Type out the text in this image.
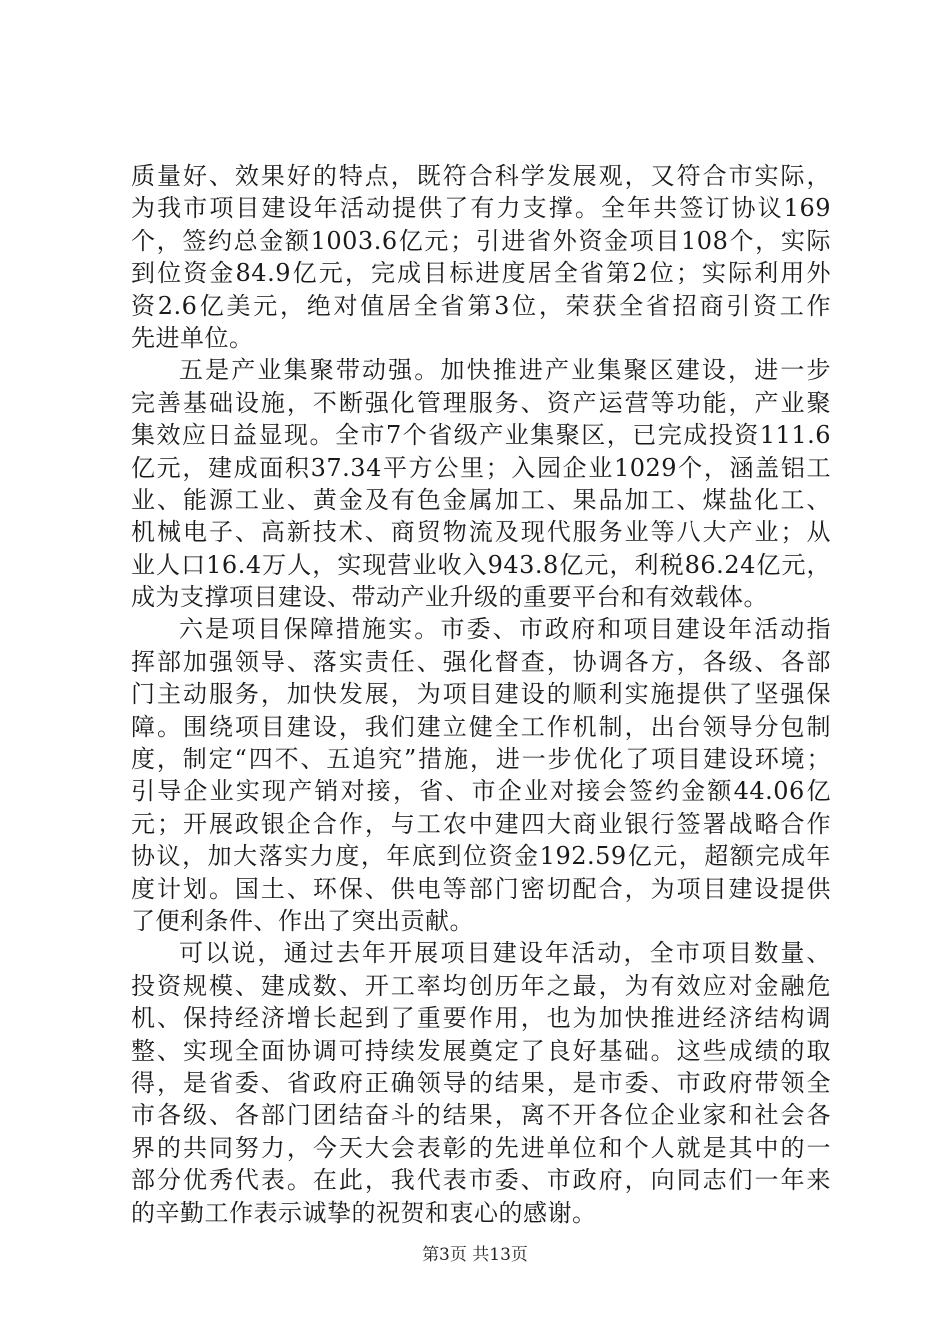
质量好、效果好的特点，既符合科学发展观，又符合市实际，
为我市项目建设年活动提供了有力支撑。全年共签订协议169
个，签约总金额1003.6亿元；引进省外资金项目108个，实际
到位资金84.9亿元，完成目标进度居全省第2位；实际利用外
资2.6亿美元，绝对值居全省第3位，荣获全省招商引资工作
先进单位。
五是产业集聚带动强。加快推进产业集聚区建设，进一步
完善基础设施，不断强化管理服务、资产运营等功能，产业聚
集效应日益显现。全市7个省级产业集聚区，已完成投资111.6
亿元，建成面积37.34平方公里；入园企业1029个，涵盖铝工
业、能源工业、黄金及有色金属加工、果品加工、煤盐化工、
机械电子、高新技术、商贸物流及现代服务业等八大产业；从
业人口16.4万人，实现营业收入943.8亿元，利税86.24亿元，
成为支撑项目建设、带动产业升级的重要平台和有效载体。
六是项目保障措施实。市委、市政府和项目建设年活动指
挥部加强领导、落实责任、强化督查，协调各方，各级、各部
门主动服务，加快发展，为项目建设的顺利实施提供了坚强保
障。围绕项目建设，我们建立健全工作机制，出台领导分包制
度，制定“四不、五追究”措施，进一步优化了项目建设环境；
引导企业实现产销对接，省、市企业对接会签约金额44.06亿
元；开展政银企合作，与工农中建四大商业银行签署战略合作
协议，加大落实力度，年底到位资金192.59亿元，超额完成年
度计划。国土、环保、供电等部门密切配合，为项目建设提供
了便利条件、作出了突出贡献。
可以说，通过去年开展项目建设年活动，全市项目数量、
投资规模、建成数、开工率均创历年之最，为有效应对金融危
机、保持经济增长起到了重要作用，也为加快推进经济结构调
整、实现全面协调可持续发展奠定了良好基础。这些成绩的取
得，是省委、省政府正确领导的结果，是市委、市政府带领全
市各级、各部门团结奋斗的结果，离不开各位企业家和社会各
界的共同努力，今天大会表彰的先进单位和个人就是其中的一
部分优秀代表。在此，我代表市委、市政府，向同志们一年来
的辛勤工作表示诚挚的祝贺和衷心的感谢。
第3页 共13页
